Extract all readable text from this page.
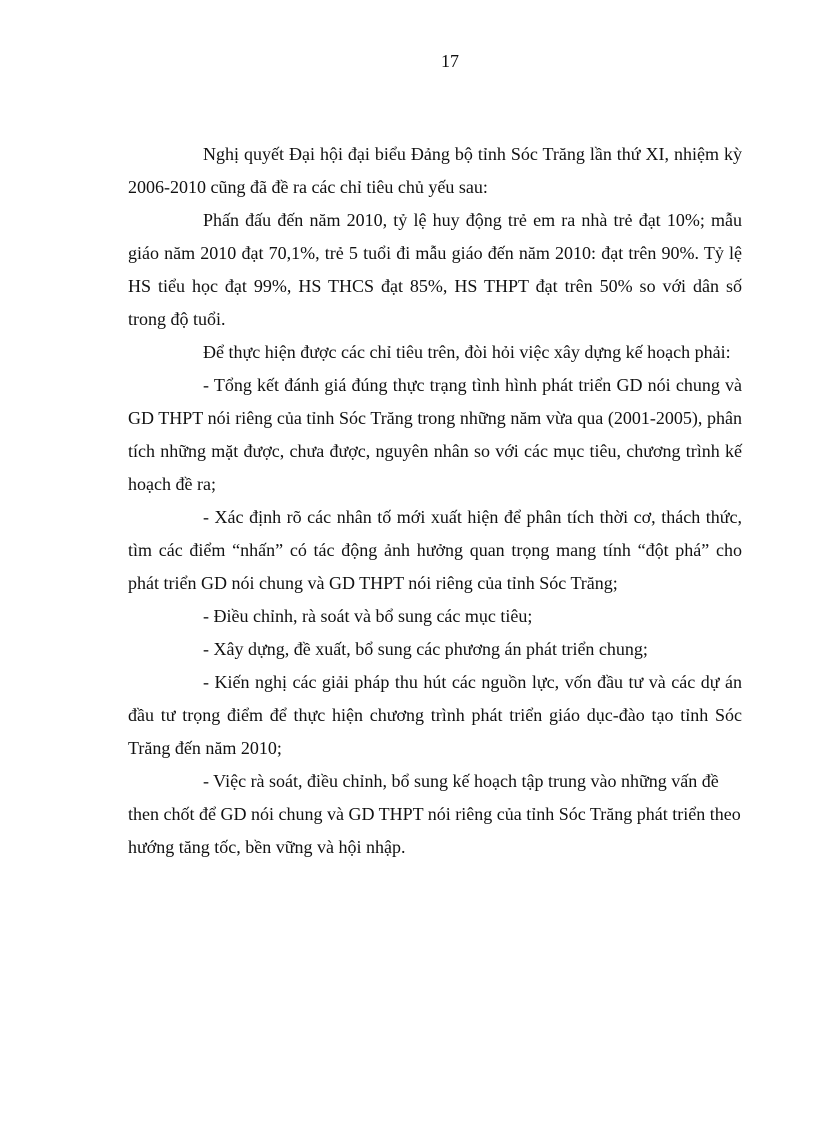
17

Nghị quyết Đại hội đại biểu Đảng bộ tỉnh Sóc Trăng lần thứ XI, nhiệm kỳ 2006-2010 cũng đã đề ra các chỉ tiêu chủ yếu sau:

Phấn đấu đến năm 2010, tỷ lệ huy động trẻ em ra nhà trẻ đạt 10%; mẫu giáo năm 2010 đạt 70,1%, trẻ 5 tuổi đi mẫu giáo đến năm 2010: đạt trên 90%. Tỷ lệ HS tiểu học đạt 99%, HS THCS đạt 85%, HS THPT đạt trên 50% so với dân số trong độ tuổi.

Để thực hiện được các chỉ tiêu trên, đòi hỏi việc xây dựng kế hoạch phải:

- Tổng kết đánh giá đúng thực trạng tình hình phát triển GD nói chung và GD THPT nói riêng của tỉnh Sóc Trăng trong những năm vừa qua (2001-2005), phân tích những mặt được, chưa được, nguyên nhân so với các mục tiêu, chương trình kế hoạch đề ra;

- Xác định rõ các nhân tố mới xuất hiện để phân tích thời cơ, thách thức, tìm các điểm “nhấn” có tác động ảnh hưởng quan trọng mang tính “đột phá” cho phát triển GD nói chung và GD THPT nói riêng của tỉnh Sóc Trăng;

- Điều chỉnh, rà soát và bổ sung các mục tiêu;

- Xây dựng, đề xuất, bổ sung các phương án phát triển chung;

- Kiến nghị các giải pháp thu hút các nguồn lực, vốn đầu tư và các dự án đầu tư trọng điểm để thực hiện chương trình phát triển giáo dục-đào tạo tỉnh Sóc Trăng đến năm 2010;

- Việc rà soát, điều chỉnh, bổ sung kế hoạch tập trung vào những vấn đề then chốt để GD nói chung và GD THPT nói riêng của tỉnh Sóc Trăng phát triển theo hướng tăng tốc, bền vững và hội nhập.
